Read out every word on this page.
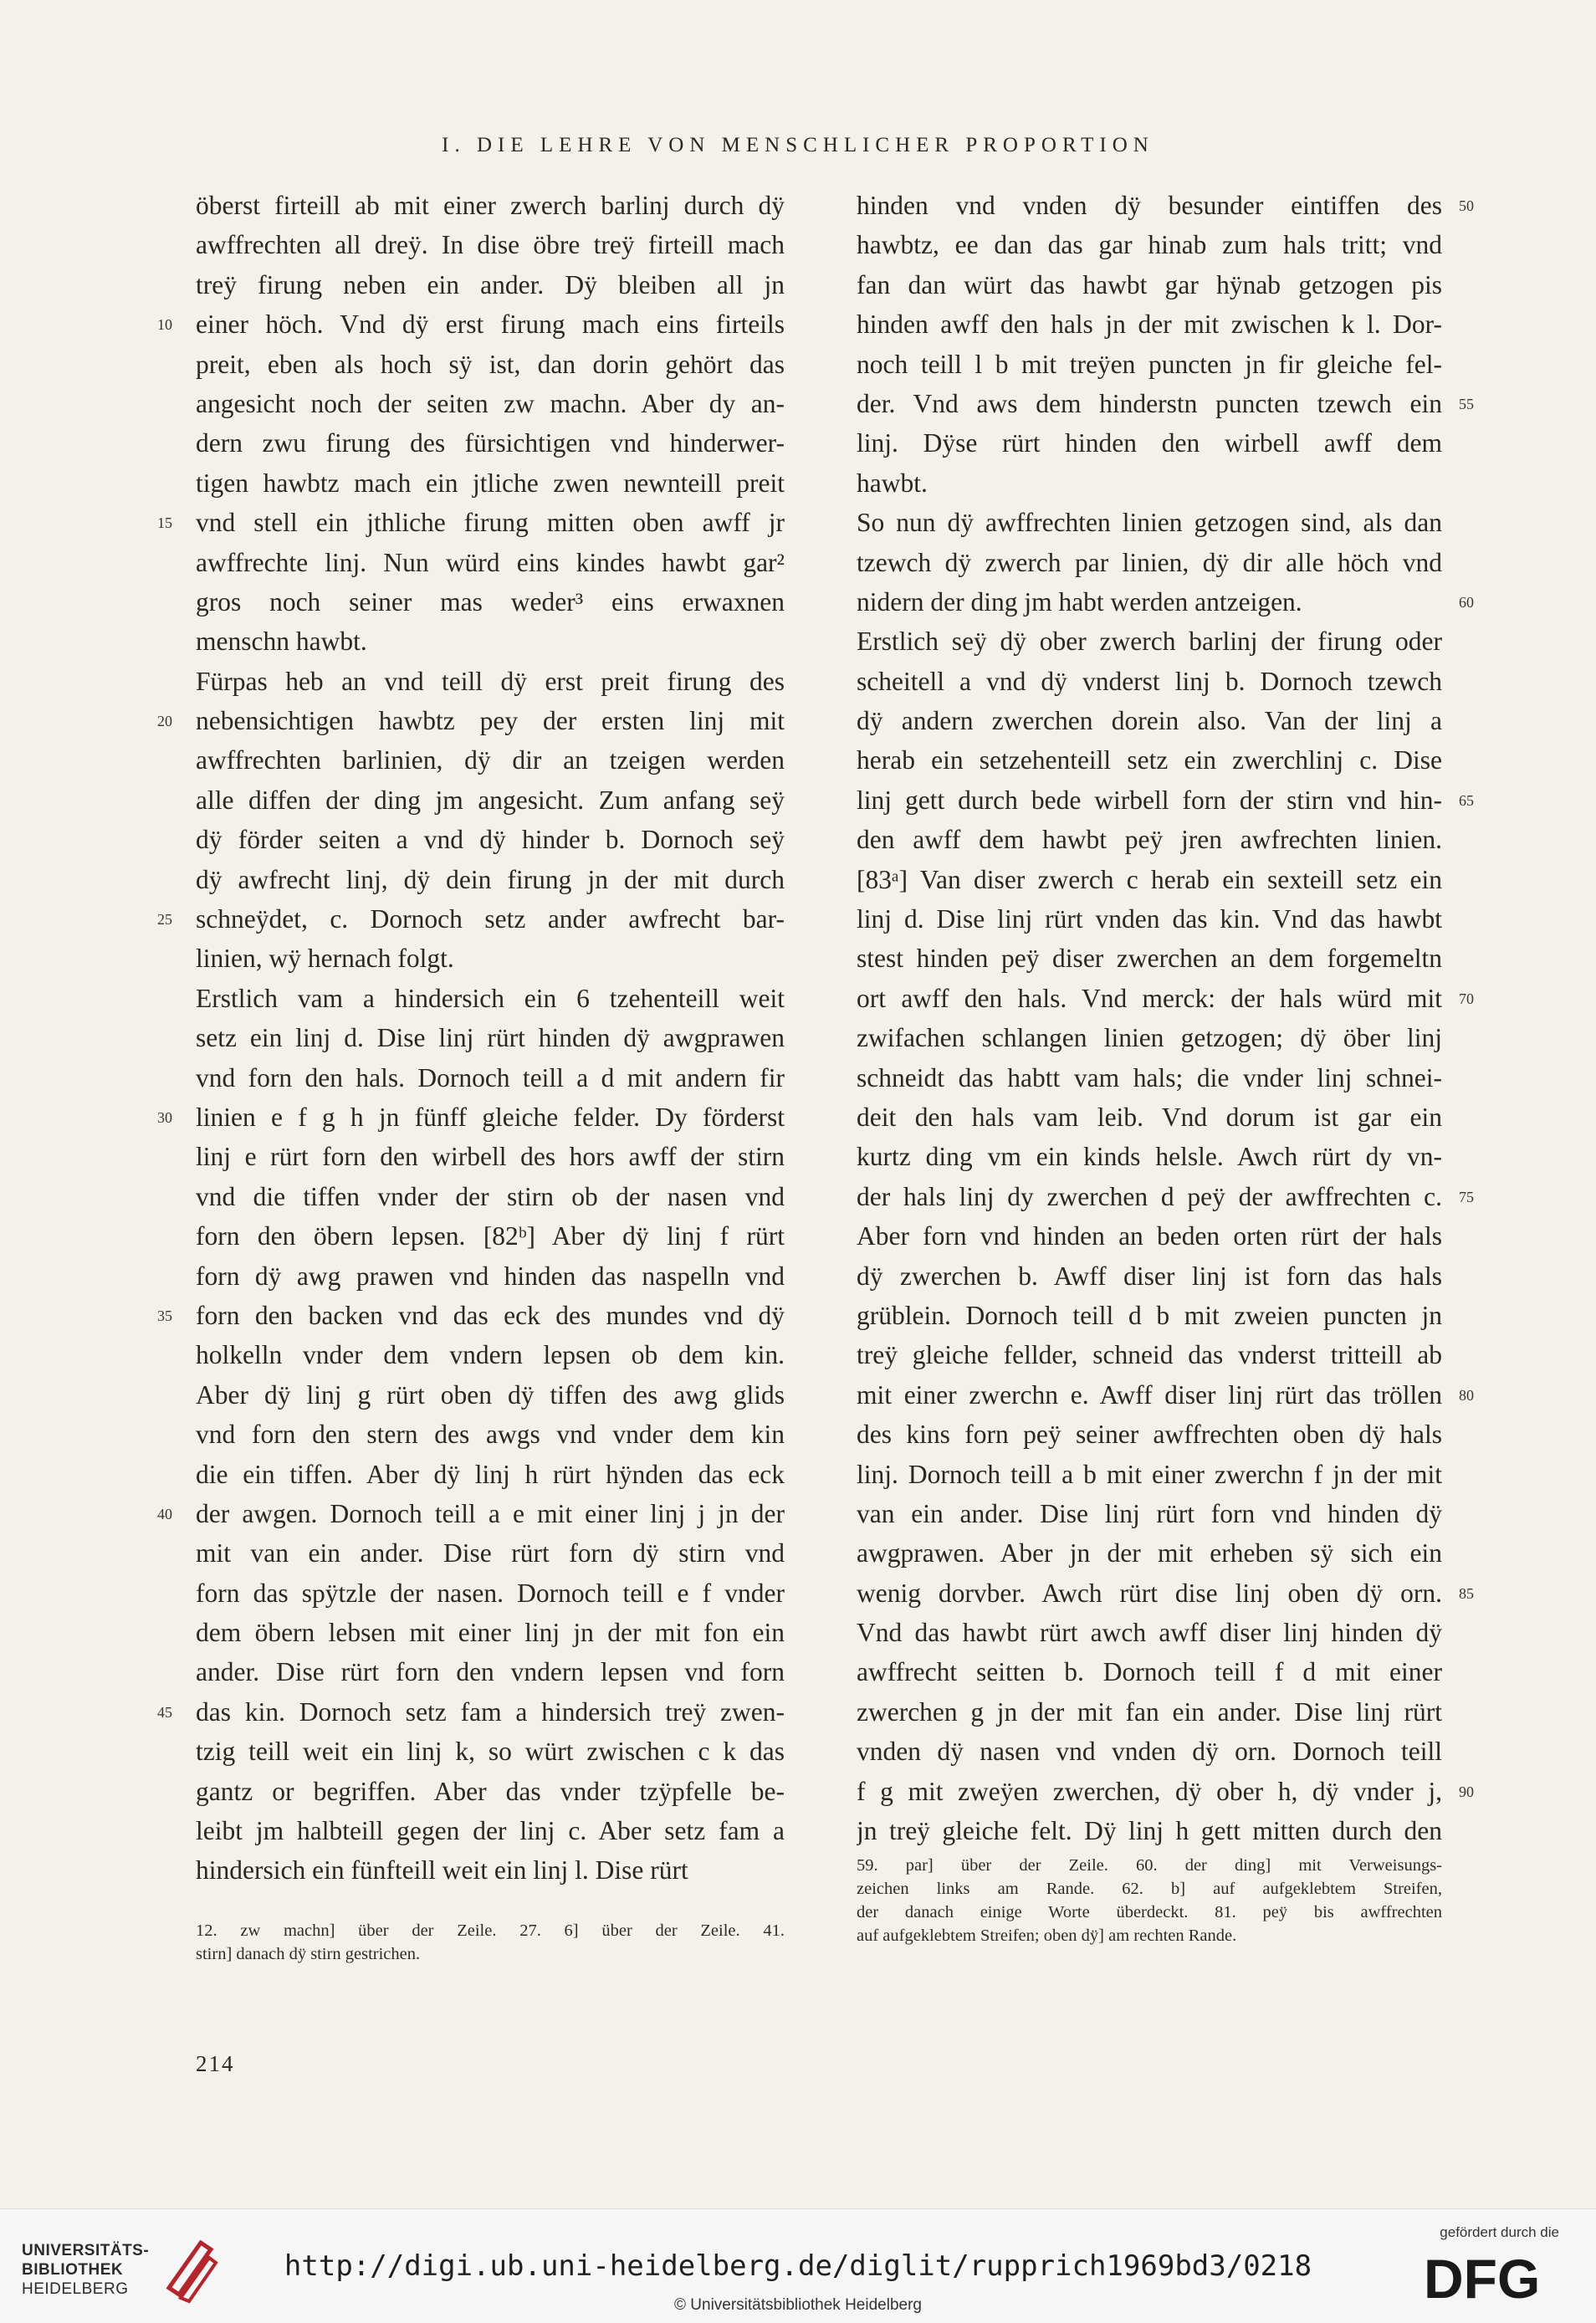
I. DIE LEHRE VON MENSCHLICHER PROPORTION
öberst firteill ab mit einer zwerch barlinj durch dÿ
awffrechten all dreÿ. In dise öbre treÿ firteill mach
treÿ firung neben ein ander. Dÿ bleiben all jn
einer höch. Vnd dÿ erst firung mach eins firteils
preit, eben als hoch sÿ ist, dan dorin gehört das
angesicht noch der seiten zw machn. Aber dy an-
dern zwu firung des fürsichtigen vnd hinderwer-
tigen hawbtz mach ein jtliche zwen newnteill preit
vnd stell ein jthliche firung mitten oben awff jr
awffrechte linj. Nun würd eins kindes hawbt gar²
gros noch seiner mas weder³ eins erwaxnen
menschn hawbt.
Fürpas heb an vnd teill dÿ erst preit firung des
nebensichtigen hawbtz pey der ersten linj mit
awffrechten barlinien, dÿ dir an tzeigen werden
alle diffen der ding jm angesicht. Zum anfang seÿ
dÿ förder seiten a vnd dÿ hinder b. Dornoch seÿ
dÿ awfrecht linj, dÿ dein firung jn der mit durch
schneÿdet, c. Dornoch setz ander awfrecht bar-
linien, wÿ hernach folgt.
Erstlich vam a hindersich ein 6 tzehenteill weit
setz ein linj d. Dise linj rürt hinden dÿ awgprawen
vnd forn den hals. Dornoch teill a d mit andern fir
linien e f g h jn fünff gleiche felder. Dy förderst
linj e rürt forn den wirbell des hors awff der stirn
vnd die tiffen vnder der stirn ob der nasen vnd
forn den öbern lepsen. [82ᵇ] Aber dÿ linj f rürt
forn dÿ awg prawen vnd hinden das naspelln vnd
forn den backen vnd das eck des mundes vnd dÿ
holkelln vnder dem vndern lepsen ob dem kin.
Aber dÿ linj g rürt oben dÿ tiffen des awg glids
vnd forn den stern des awgs vnd vnder dem kin
die ein tiffen. Aber dÿ linj h rürt hÿnden das eck
der awgen. Dornoch teill a e mit einer linj j jn der
mit van ein ander. Dise rürt forn dÿ stirn vnd
forn das spÿtzle der nasen. Dornoch teill e f vnder
dem öbern lebsen mit einer linj jn der mit fon ein
ander. Dise rürt forn den vndern lepsen vnd forn
das kin. Dornoch setz fam a hindersich treÿ zwen-
tzig teill weit ein linj k, so würt zwischen c k das
gantz or begriffen. Aber das vnder tzÿpfelle be-
leibt jm halbteill gegen der linj c. Aber setz fam a
hindersich ein fünfteill weit ein linj l. Dise rürt
hinden vnd vnden dÿ besunder eintiffen des
hawbtz, ee dan das gar hinab zum hals tritt; vnd
fan dan würt das hawbt gar hÿnab getzogen pis
hinden awff den hals jn der mit zwischen k l. Dor-
noch teill l b mit treÿen puncten jn fir gleiche fel-
der. Vnd aws dem hinderstn puncten tzewch ein
linj. Dÿse rürt hinden den wirbell awff dem
hawbt.
So nun dÿ awffrechten linien getzogen sind, als dan
tzewch dÿ zwerch par linien, dÿ dir alle höch vnd
nidern der ding jm habt werden antzeigen.
Erstlich seÿ dÿ ober zwerch barlinj der firung oder
scheitell a vnd dÿ vnderst linj b. Dornoch tzewch
dÿ andern zwerchen dorein also. Van der linj a
herab ein setzehenteill setz ein zwerchlinj c. Dise
linj gett durch bede wirbell forn der stirn vnd hin-
den awff dem hawbt peÿ jren awfrechten linien.
[83ᵃ] Van diser zwerch c herab ein sexteill setz ein
linj d. Dise linj rürt vnden das kin. Vnd das hawbt
stest hinden peÿ diser zwerchen an dem forgemeltn
ort awff den hals. Vnd merck: der hals würd mit
zwifachen schlangen linien getzogen; dÿ öber linj
schneidt das habtt vam hals; die vnder linj schnei-
deit den hals vam leib. Vnd dorum ist gar ein
kurtz ding vm ein kinds helsle. Awch rürt dy vn-
der hals linj dy zwerchen d peÿ der awffrechten c.
Aber forn vnd hinden an beden orten rürt der hals
dÿ zwerchen b. Awff diser linj ist forn das hals
grüblein. Dornoch teill d b mit zweien puncten jn
treÿ gleiche fellder, schneid das vnderst tritteill ab
mit einer zwerchn e. Awff diser linj rürt das tröllen
des kins forn peÿ seiner awffrechten oben dÿ hals
linj. Dornoch teill a b mit einer zwerchn f jn der mit
van ein ander. Dise linj rürt forn vnd hinden dÿ
awgprawen. Aber jn der mit erheben sÿ sich ein
wenig dorvber. Awch rürt dise linj oben dÿ orn.
Vnd das hawbt rürt awch awff diser linj hinden dÿ
awffrecht seitten b. Dornoch teill f d mit einer
zwerchen g jn der mit fan ein ander. Dise linj rürt
vnden dÿ nasen vnd vnden dÿ orn. Dornoch teill
f g mit zweÿen zwerchen, dÿ ober h, dÿ vnder j,
jn treÿ gleiche felt. Dÿ linj h gett mitten durch den
10
15
20
25
30
35
40
45
50
55
60
65
70
75
80
85
90
59. par] über der Zeile. 60. der ding] mit Verweisungs-
zeichen links am Rande. 62. b] auf aufgeklebtem Streifen,
der danach einige Worte überdeckt. 81. peÿ bis awffrechten
auf aufgeklebtem Streifen; oben dÿ] am rechten Rande.
12. zw machn] über der Zeile. 27. 6] über der Zeile. 41.
stirn] danach dÿ stirn gestrichen.
214
UNIVERSITÄTS-
BIBLIOTHEK
HEIDELBERG
http://digi.ub.uni-heidelberg.de/diglit/rupprich1969bd3/0218
© Universitätsbibliothek Heidelberg
gefördert durch die
DFG
